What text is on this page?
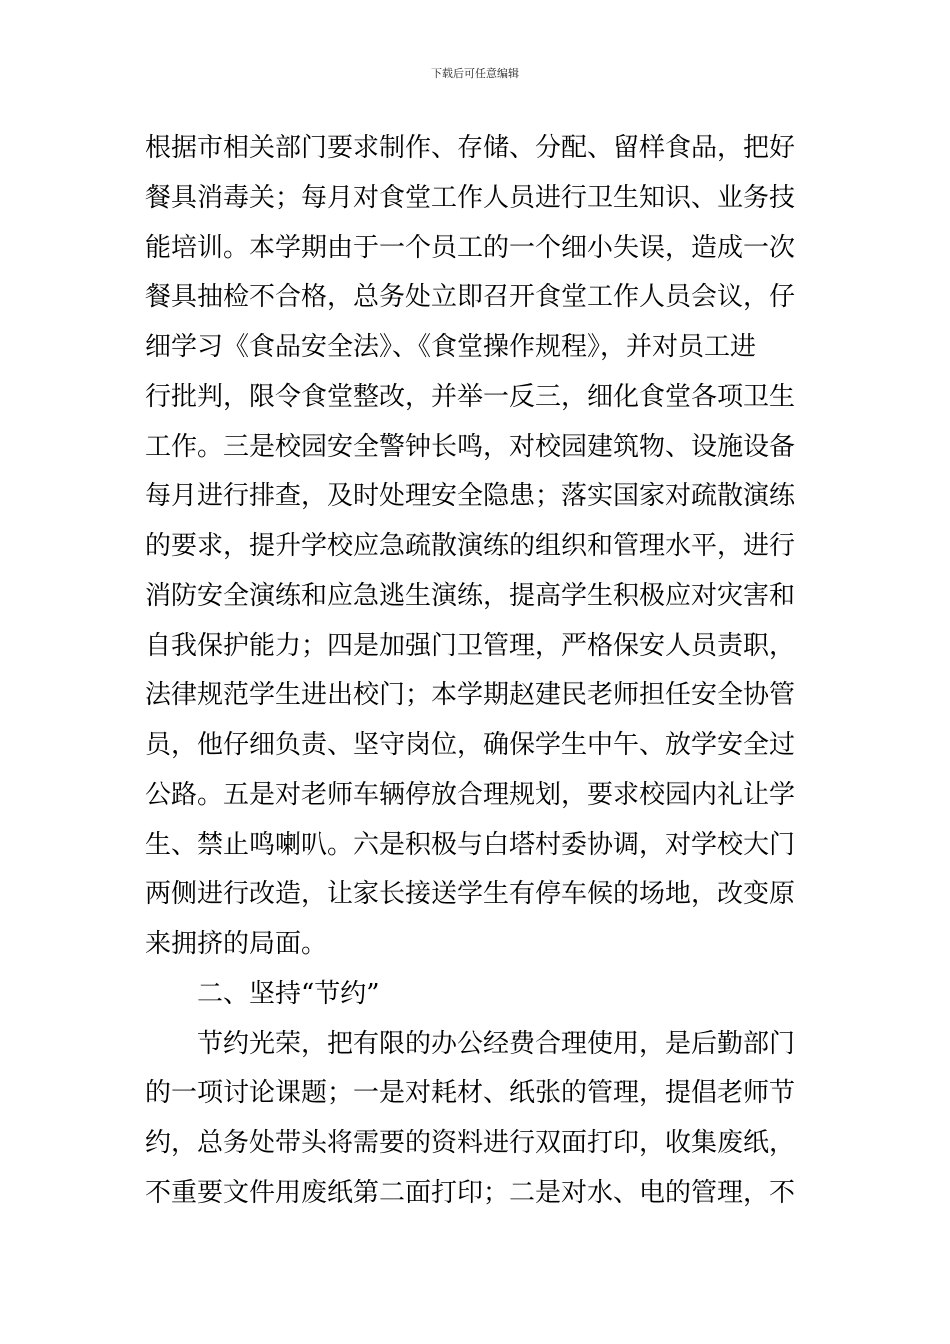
下载后可任意编辑
根据市相关部门要求制作、存储、分配、留样食品，把好
餐具消毒关；每月对食堂工作人员进行卫生知识、业务技
能培训。本学期由于一个员工的一个细小失误，造成一次
餐具抽检不合格，总务处立即召开食堂工作人员会议，仔
细学习《食品安全法》、《食堂操作规程》，并对员工进
行批判，限令食堂整改，并举一反三，细化食堂各项卫生
工作。三是校园安全警钟长鸣，对校园建筑物、设施设备
每月进行排查，及时处理安全隐患；落实国家对疏散演练
的要求，提升学校应急疏散演练的组织和管理水平，进行
消防安全演练和应急逃生演练，提高学生积极应对灾害和
自我保护能力；四是加强门卫管理，严格保安人员责职，
法律规范学生进出校门；本学期赵建民老师担任安全协管
员，他仔细负责、坚守岗位，确保学生中午、放学安全过
公路。五是对老师车辆停放合理规划，要求校园内礼让学
生、禁止鸣喇叭。六是积极与白塔村委协调，对学校大门
两侧进行改造，让家长接送学生有停车候的场地，改变原
来拥挤的局面。
二、坚持“节约”
节约光荣，把有限的办公经费合理使用，是后勤部门
的一项讨论课题；一是对耗材、纸张的管理，提倡老师节
约，总务处带头将需要的资料进行双面打印，收集废纸，
不重要文件用废纸第二面打印；二是对水、电的管理，不
